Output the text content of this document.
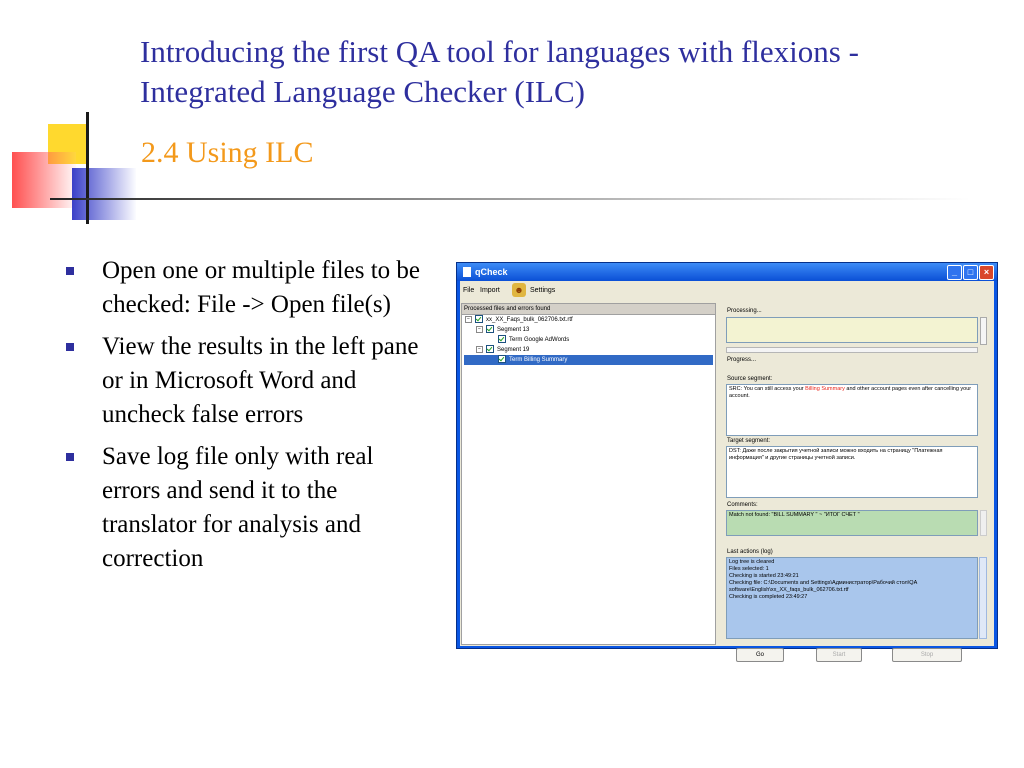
Introducing the first QA tool for languages with flexions - Integrated Language Checker (ILC)
2.4 Using ILC
Open one or multiple files to be checked: File -> Open file(s)
View the results in the left pane or in Microsoft Word and uncheck false errors
Save log file only with real errors and send it to the translator for analysis and correction
qCheck	_ □ ×
File Import ☻ Settings
Processed files and errors found
−	xx_XX_Faqs_bulk_062706.txt.rtf
−	Segment 13
Term Google AdWords
−	Segment 19
Term Billing Summary
Processing...
Progress...
Source segment:
SRC: You can still access your Billing Summary and other account pages even after cancelling your account.
Target segment:
DST: Даже после закрытия учетной записи можно входить на страницу "Платежная информация" и другие страницы учетной записи.
Comments:
Match not found: "BILL SUMMARY " ~ "ИТОГ СЧЕТ "
Last actions (log)
Log tree is cleared
Files selected: 1
Checking is started 23:49:21
Checking file: C:\Documents and Settings\Администратор\Рабочий стол\QA software\English\xx_XX_faqs_bulk_062706.txt.rtf
Checking is completed 23:49:27
Go	Start	Stop
